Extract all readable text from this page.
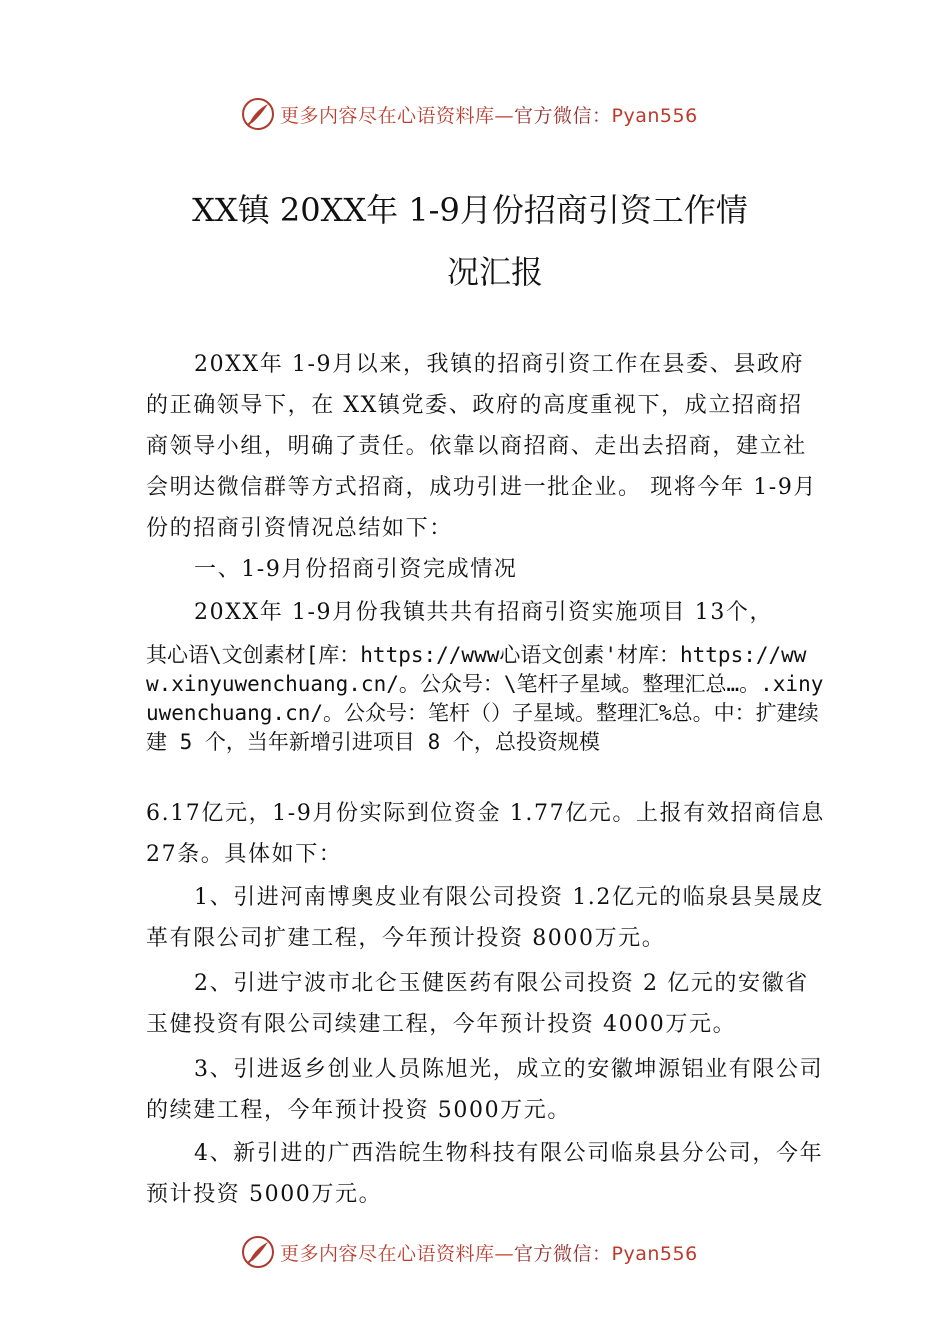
更多内容尽在心语资料库—官方微信：Pyan556
XX镇 20XX年 1-9月份招商引资工作情
况汇报

20XX年 1-9月以来，我镇的招商引资工作在县委、县政府的正确领导下，在 XX镇党委、政府的高度重视下，成立招商招商领导小组，明确了责任。依靠以商招商、走出去招商，建立社会明达微信群等方式招商，成功引进一批企业。 现将今年 1-9月份的招商引资情况总结如下：

一、1-9月份招商引资完成情况

20XX年 1-9月份我镇共共有招商引资实施项目 13个，

其心语\文创素材[库：https://www心语文创素'材库：https://www.xinyuwenchuang.cn/。公众号：\笔杆子星域。整理汇总…。.xinyuwenchuang.cn/。公众号：笔杆（）子星域。整理汇%总。中：扩建续建 5 个，当年新增引进项目 8 个，总投资规模

6.17亿元，1-9月份实际到位资金 1.77亿元。上报有效招商信息 27条。具体如下：

1、引进河南博奥皮业有限公司投资 1.2亿元的临泉县昊晟皮革有限公司扩建工程，今年预计投资 8000万元。

2、引进宁波市北仑玉健医药有限公司投资 2 亿元的安徽省玉健投资有限公司续建工程，今年预计投资 4000万元。

3、引进返乡创业人员陈旭光，成立的安徽坤源铝业有限公司的续建工程，今年预计投资 5000万元。

4、新引进的广西浩皖生物科技有限公司临泉县分公司，今年预计投资 5000万元。

更多内容尽在心语资料库—官方微信：Pyan556
